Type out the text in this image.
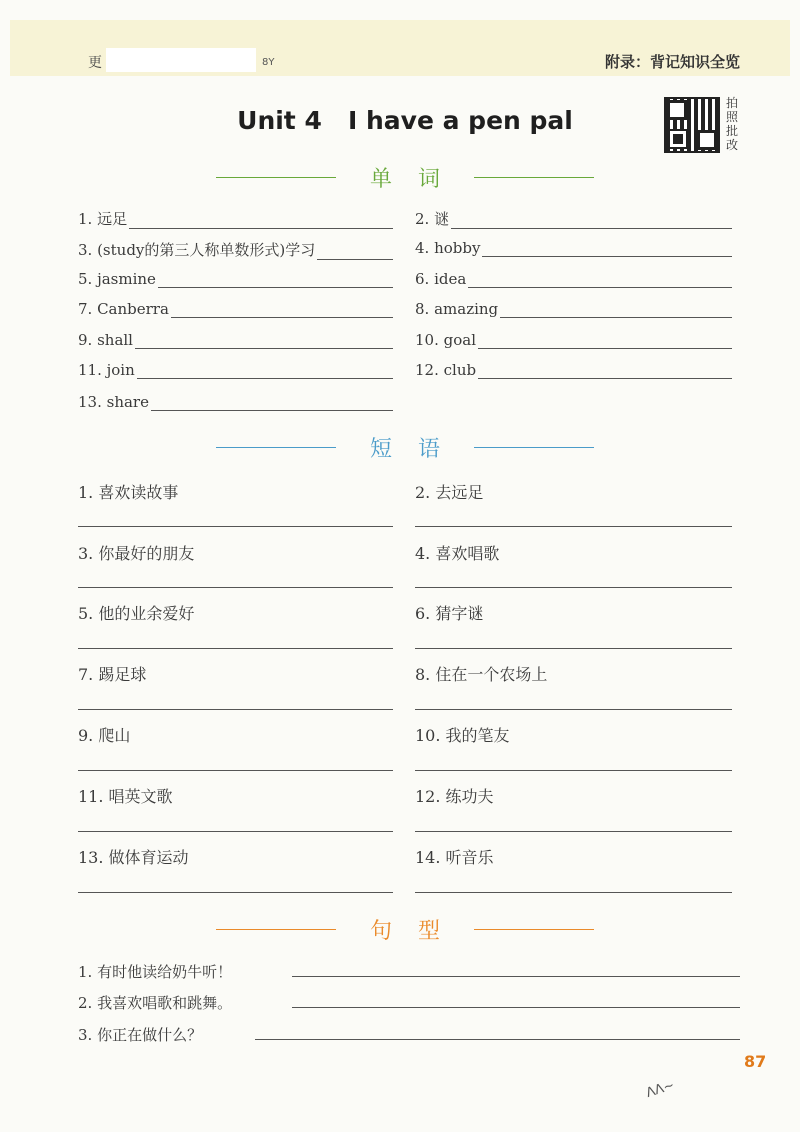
更	8Y	附录：背记知识全览
Unit 4   I have a pen pal
拍照批改
单词
1. 远足	2. 谜
3. (study的第三人称单数形式)学习	4. hobby
5. jasmine	6. idea
7. Canberra	8. amazing
9. shall	10. goal
11. join	12. club
13. share
短语
1. 喜欢读故事	2. 去远足
3. 你最好的朋友	4. 喜欢唱歌
5. 他的业余爱好	6. 猜字谜
7. 踢足球	8. 住在一个农场上
9. 爬山	10. 我的笔友
11. 唱英文歌	12. 练功夫
13. 做体育运动	14. 听音乐
句型
1. 有时他读给奶牛听！
2. 我喜欢唱歌和跳舞。
3. 你正在做什么？
87
ᐱᐱ~
